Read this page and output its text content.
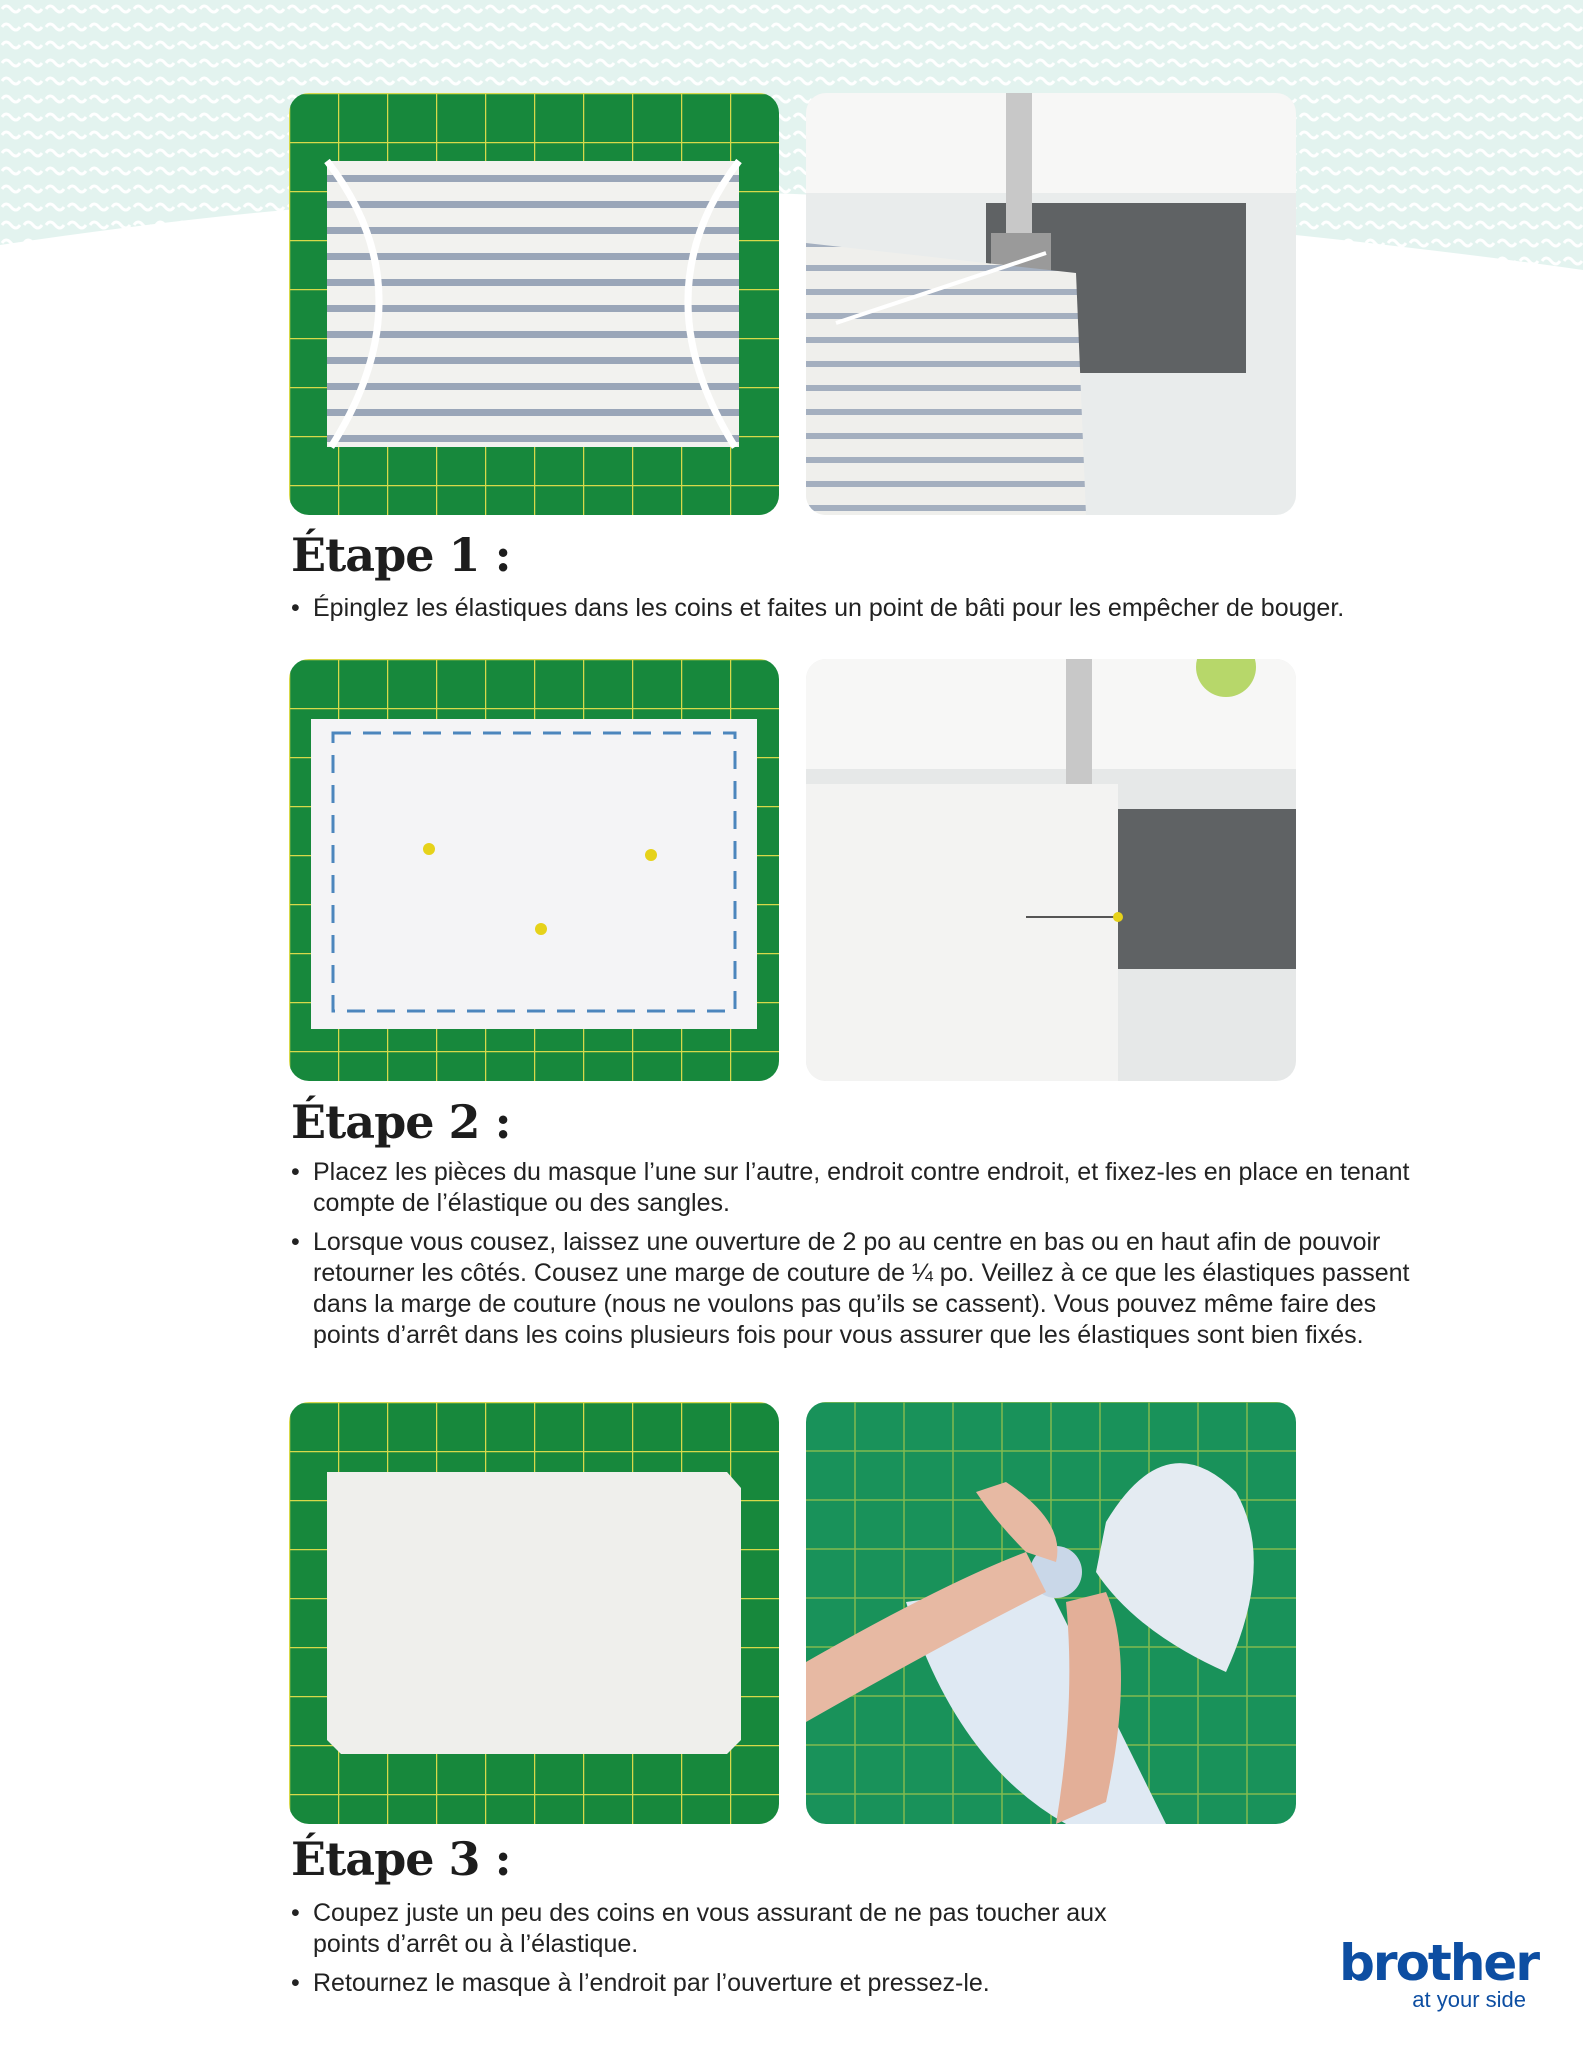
Étape 1 :
• Épinglez les élastiques dans les coins et faites un point de bâti pour les empêcher de bouger.
Étape 2 :
• Placez les pièces du masque l’une sur l’autre, endroit contre endroit, et fixez-les en place en tenant compte de l’élastique ou des sangles.
• Lorsque vous cousez, laissez une ouverture de 2 po au centre en bas ou en haut afin de pouvoir retourner les côtés. Cousez une marge de couture de ¼ po. Veillez à ce que les élastiques passent dans la marge de couture (nous ne voulons pas qu’ils se cassent). Vous pouvez même faire des points d’arrêt dans les coins plusieurs fois pour vous assurer que les élastiques sont bien fixés.
Étape 3 :
• Coupez juste un peu des coins en vous assurant de ne pas toucher aux points d’arrêt ou à l’élastique.
• Retournez le masque à l’endroit par l’ouverture et pressez-le.	brother
at your side
